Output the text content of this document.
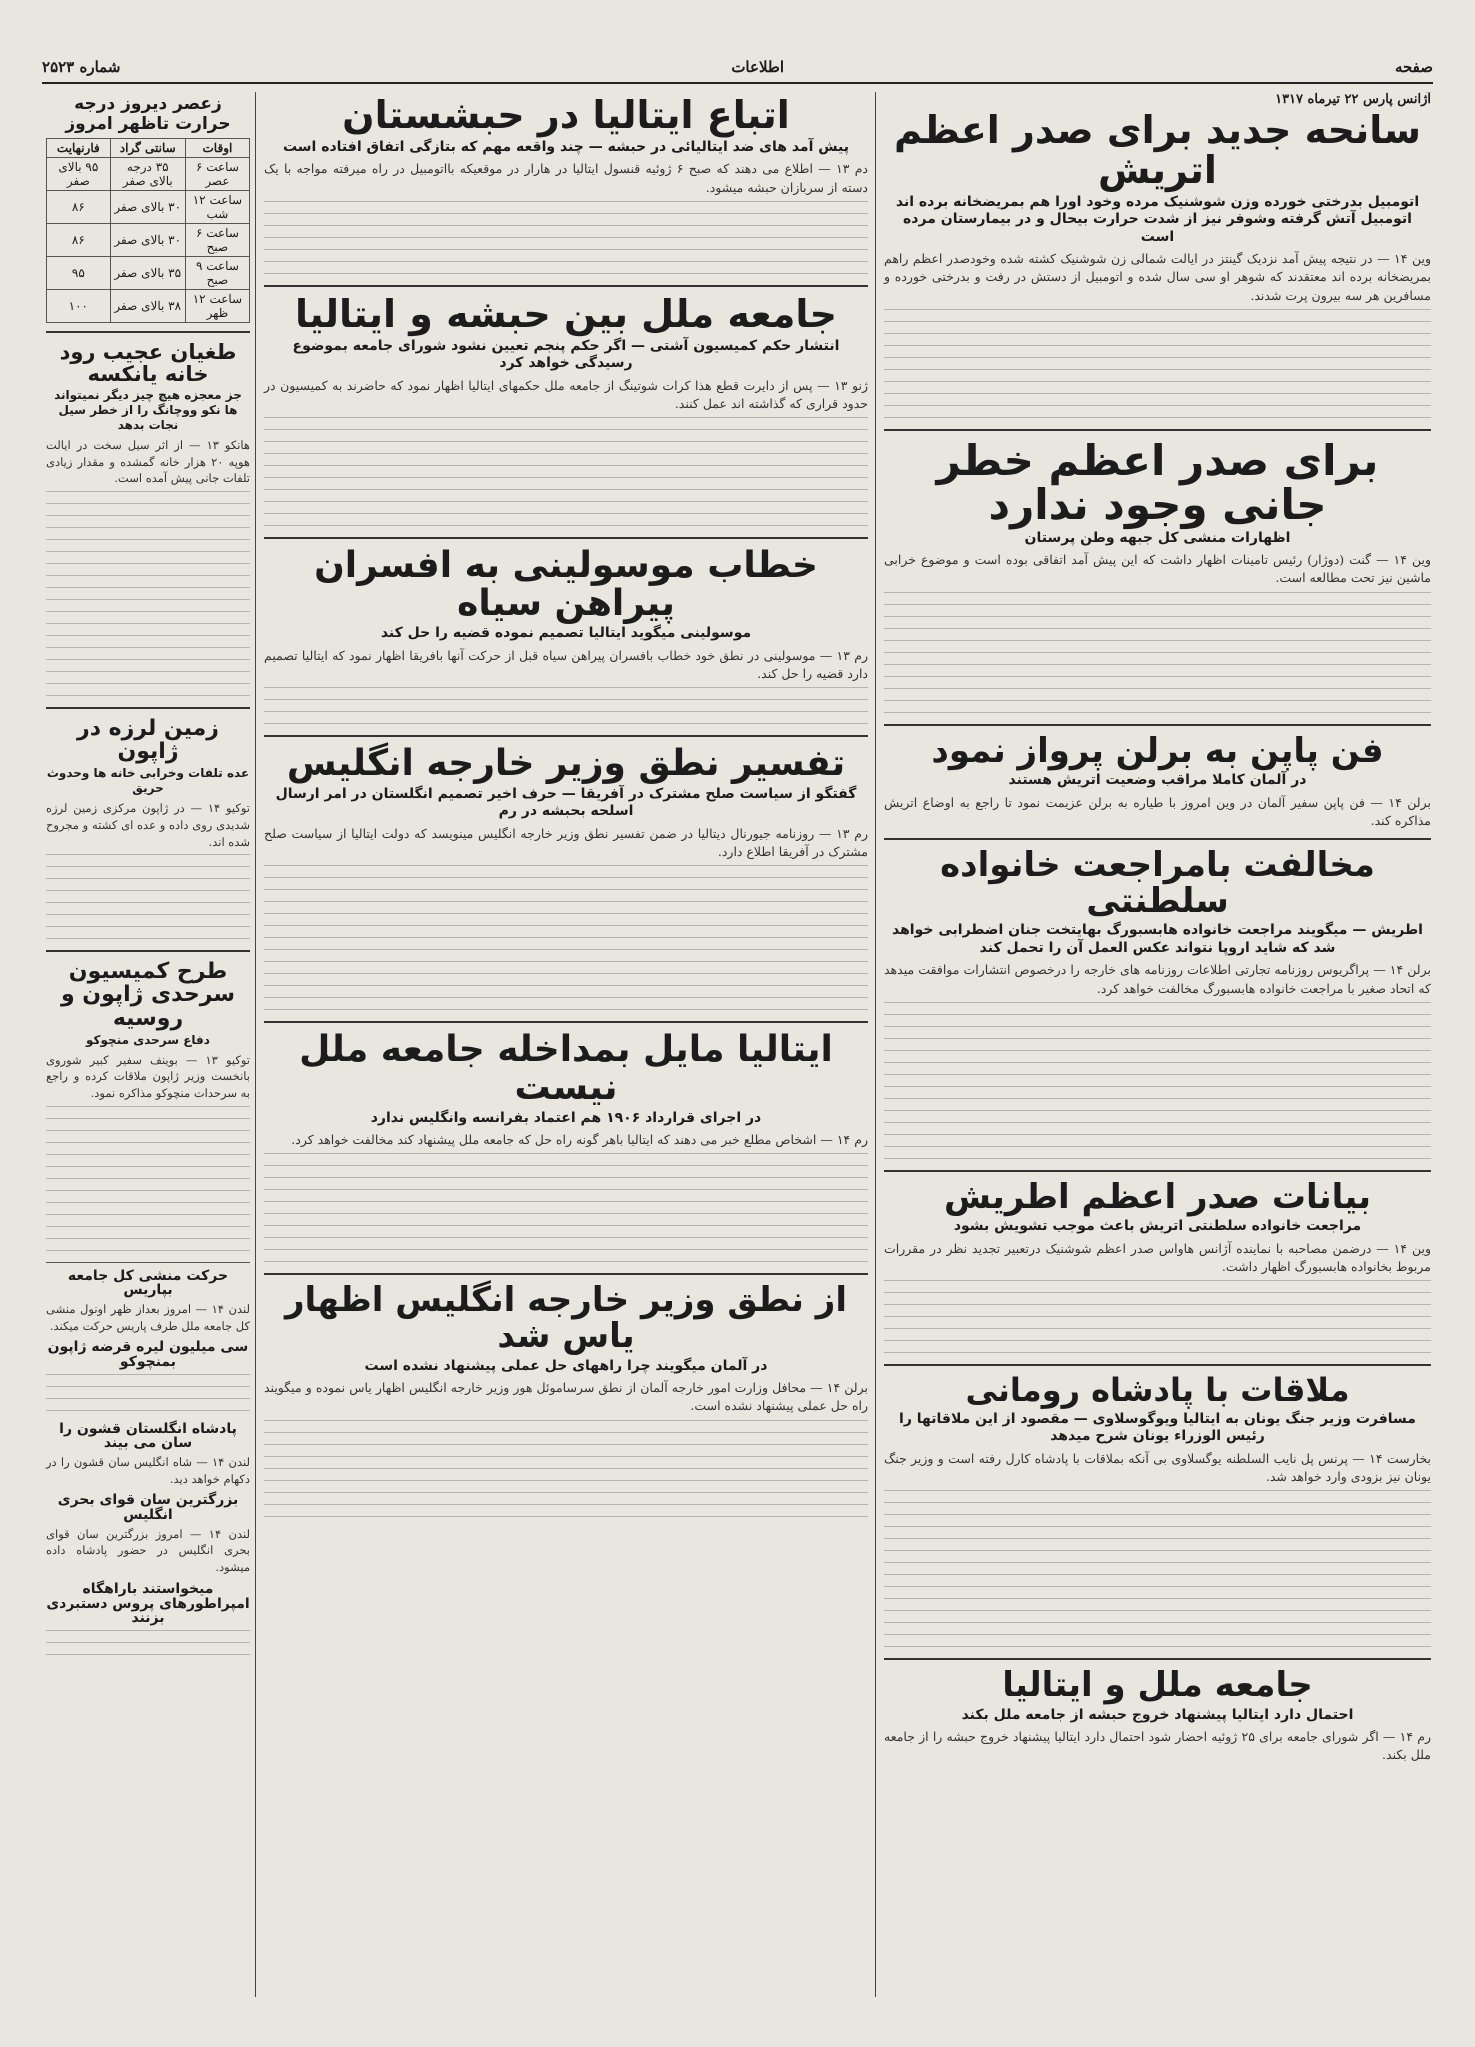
صفحه
اطلاعات
شماره ۲۵۲۳
آژانس پارس ۲۲ تیرماه ۱۳۱۷
سانحه جدید برای صدر اعظم اتریش
اتومبیل بدرختی خورده وزن شوشنیک مرده وخود اورا هم بمریضخانه برده اند اتومبیل آتش گرفته وشوفر نیز از شدت حرارت بیحال و در بیمارستان مرده است
وین ۱۴ — در نتیجه پیش آمد نزدیک گینتز در ایالت شمالی زن شوشنیک کشته شده وخودصدر اعظم راهم بمریضخانه برده اند معتقدند که شوهر او سی سال شده و اتومبیل از دستش در رفت و بدرختی خورده و مسافرین هر سه بیرون پرت شدند.
برای صدر اعظم خطر جانی وجود ندارد
اظهارات منشی کل جبهه وطن پرستان
وین ۱۴ — گنت (دوژار) رئیس تامینات اظهار داشت که این پیش آمد اتفاقی بوده است و موضوع خرابی ماشین نیز تحت مطالعه است.
فن پاپن به برلن پرواز نمود
در آلمان کاملا مراقب وضعیت اتریش هستند
برلن ۱۴ — فن پاپن سفیر آلمان در وین امروز با طیاره به برلن عزیمت نمود تا راجع به اوضاع اتریش مذاکره کند.
مخالفت بامراجعت خانواده سلطنتی
اطریش — میگویند مراجعت خانواده هابسبورگ بهایتخت جنان اضطرابی خواهد شد که شاید اروپا نتواند عکس العمل آن را تحمل کند
برلن ۱۴ — پراگریوس روزنامه تجارتی اطلاعات روزنامه های خارجه را درخصوص انتشارات موافقت میدهد که اتحاد صغیر با مراجعت خانواده هابسبورگ مخالفت خواهد کرد.
بیانات صدر اعظم اطریش
مراجعت خانواده سلطنتی اتریش باعث موجب تشویش بشود
وین ۱۴ — درضمن مصاحبه با نماینده آژانس هاواس صدر اعظم شوشنیک درتعبیر تجدید نظر در مقررات مربوط بخانواده هابسبورگ اظهار داشت.
ملاقات با پادشاه رومانی
مسافرت وزیر جنگ یونان به ایتالیا ویوگوسلاوی — مقصود از این ملاقاتها را رئیس الوزراء یونان شرح میدهد
بخارست ۱۴ — پرنس پل نایب السلطنه یوگسلاوی بی آنکه بملاقات با پادشاه کارل رفته است و وزیر جنگ یونان نیز بزودی وارد خواهد شد.
جامعه ملل و ایتالیا
احتمال دارد ایتالیا پیشنهاد خروج حبشه از جامعه ملل بکند
رم ۱۴ — اگر شورای جامعه برای ۲۵ ژوئیه احضار شود احتمال دارد ایتالیا پیشنهاد خروج حبشه را از جامعه ملل بکند.
اتباع ایتالیا در حبشستان
پیش آمد های ضد ایتالیائی در حبشه — چند واقعه مهم که بتازگی اتفاق افتاده است
دم ۱۳ — اطلاع می دهند که صبح ۶ ژوئیه قنسول ایتالیا در هارار در موقعیکه بااتومبیل در راه میرفته مواجه با یک دسته از سربازان حبشه میشود.
جامعه ملل بین حبشه و ایتالیا
انتشار حکم کمیسیون آشتی — اگر حکم پنجم تعیین نشود شورای جامعه بموضوع رسیدگی خواهد کرد
ژنو ۱۳ — پس از دایرت قطع هذا کرات شوتینگ از جامعه ملل حکمهای ایتالیا اظهار نمود که حاضرند به کمیسیون در حدود قراری که گذاشته اند عمل کنند.
خطاب موسولینی به افسران پیراهن سیاه
موسولینی میگوید ایتالیا تصمیم نموده قضیه را حل کند
رم ۱۳ — موسولینی در نطق خود خطاب بافسران پیراهن سیاه قبل از حرکت آنها بافریقا اظهار نمود که ایتالیا تصمیم دارد قضیه را حل کند.
تفسیر نطق وزیر خارجه انگلیس
گفتگو از سیاست صلح مشترک در آفریقا — حرف اخیر تصمیم انگلستان در امر ارسال اسلحه بحبشه در رم
رم ۱۳ — روزنامه جیورنال دیتالیا در ضمن تفسیر نطق وزیر خارجه انگلیس مینویسد که دولت ایتالیا از سیاست صلح مشترک در آفریقا اطلاع دارد.
ایتالیا مایل بمداخله جامعه ملل نیست
در اجرای قرارداد ۱۹۰۶ هم اعتماد بفرانسه وانگلیس ندارد
رم ۱۴ — اشخاص مطلع خبر می دهند که ایتالیا باهر گونه راه حل که جامعه ملل پیشنهاد کند مخالفت خواهد کرد.
از نطق وزیر خارجه انگلیس اظهار یاس شد
در آلمان میگویند چرا راههای حل عملی پیشنهاد نشده است
برلن ۱۴ — محافل وزارت امور خارجه آلمان از نطق سرساموئل هور وزیر خارجه انگلیس اظهار یاس نموده و میگویند راه حل عملی پیشنهاد نشده است.
زعصر دیروز درجه حرارت تاظهر امروز
اوقات	سانتی گراد	فارنهایت
ساعت ۶ عصر	۳۵ درجه بالای صفر	۹۵ بالای صفر
ساعت ۱۲ شب	۳۰ بالای صفر	۸۶
ساعت ۶ صبح	۳۰ بالای صفر	۸۶
ساعت ۹ صبح	۳۵ بالای صفر	۹۵
ساعت ۱۲ ظهر	۳۸ بالای صفر	۱۰۰
طغیان عجیب رود خانه یانکسه
جز معجزه هیچ چیز دیگر نمیتواند ها نکو ووچانگ را از خطر سیل نجات بدهد
هانکو ۱۳ — از اثر سیل سخت در ایالت هوپه ۲۰ هزار خانه گمشده و مقدار زیادی تلفات جانی پیش آمده است.
زمین لرزه در ژاپون
عده تلفات وخرابی خانه ها وحدوث حریق
توکیو ۱۴ — در ژاپون مرکزی زمین لرزه شدیدی روی داده و عده ای کشته و مجروح شده اند.
طرح کمیسیون سرحدی ژاپون و روسیه
دفاع سرحدی منچوکو
توکیو ۱۳ — بوینف سفیر کبیر شوروی بانخست وزیر ژاپون ملاقات کرده و راجع به سرحدات منچوکو مذاکره نمود.
حرکت منشی کل جامعه بپاریس
لندن ۱۴ — امروز بعداز ظهر اونول منشی کل جامعه ملل طرف پاریس حرکت میکند.
سی میلیون لیره قرضه ژاپون بمنچوکو
پادشاه انگلستان قشون را سان می بیند
لندن ۱۴ — شاه انگلیس سان قشون را در دکهام خواهد دید.
بزرگترین سان قوای بحری انگلیس
لندن ۱۴ — امروز بزرگترین سان قوای بحری انگلیس در حضور پادشاه داده میشود.
میخواستند باراهگاه امپراطورهای پروس دستبردی بزنند
